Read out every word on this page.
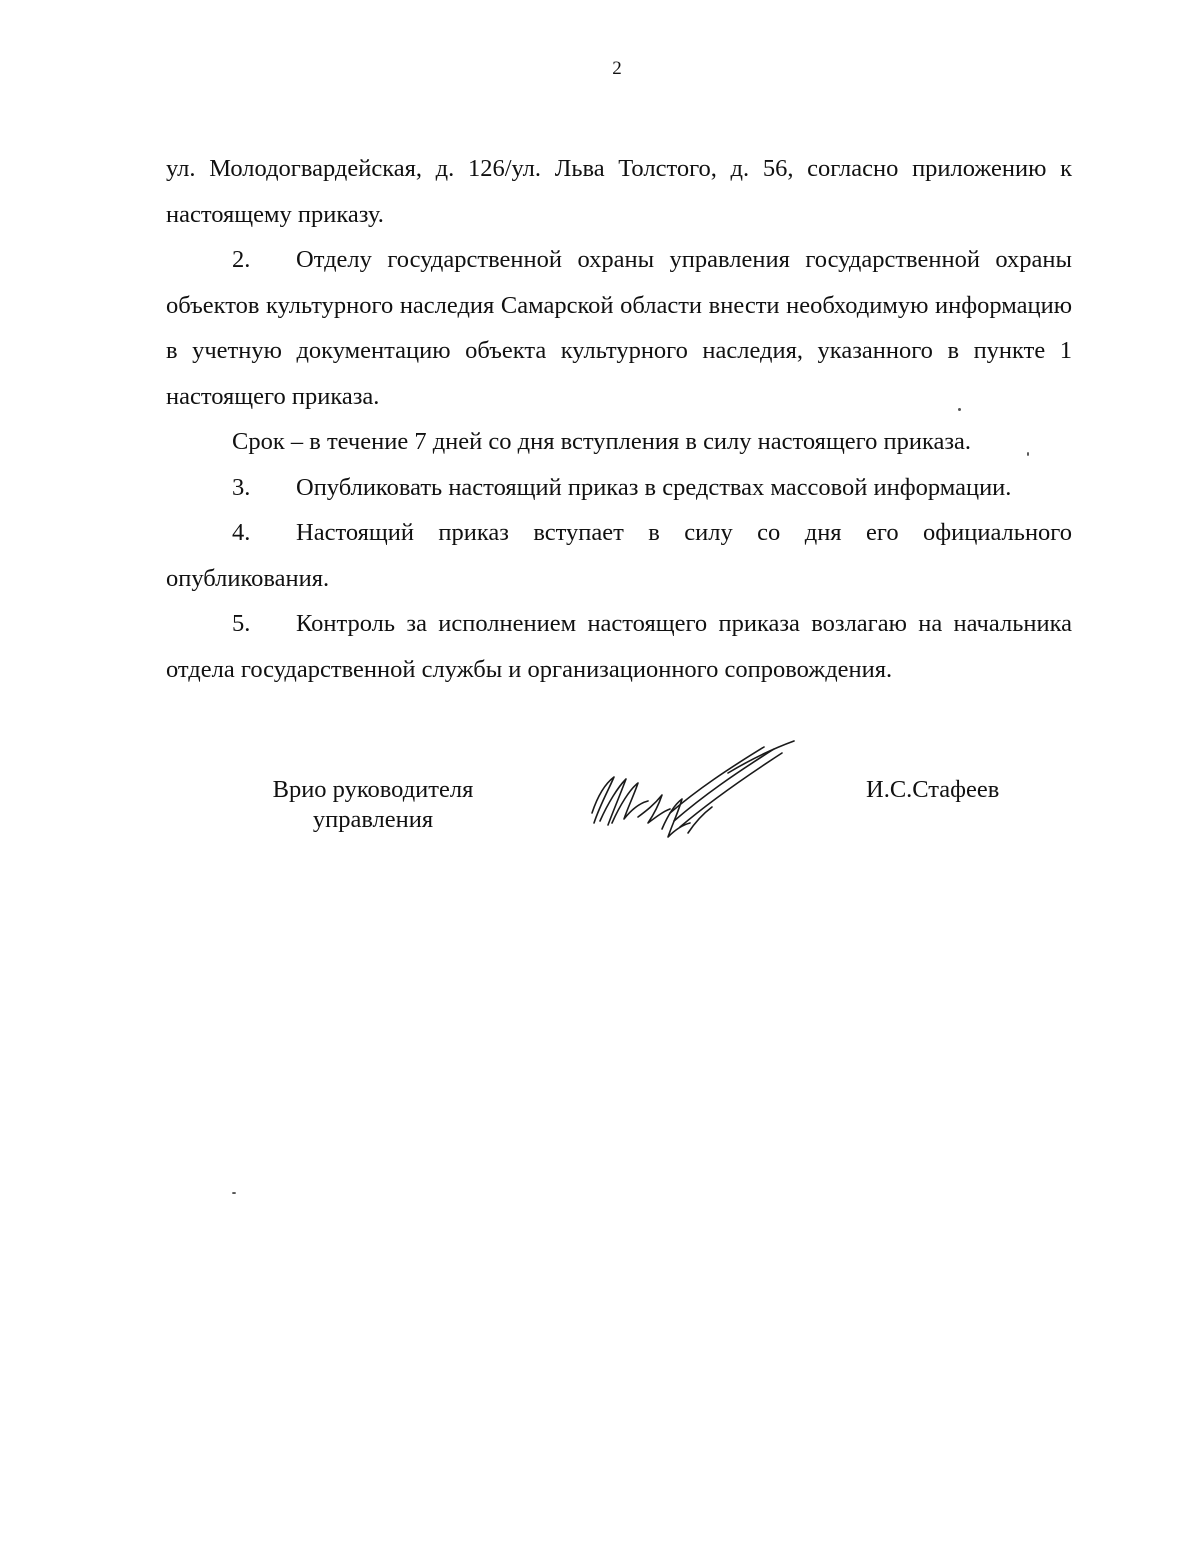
2

ул. Молодогвардейская, д. 126/ул. Льва Толстого, д. 56, согласно приложению к настоящему приказу.

2. Отделу государственной охраны управления государственной охраны объектов культурного наследия Самарской области внести необходимую информацию в учетную документацию объекта культурного наследия, указанного в пункте 1 настоящего приказа.

Срок – в течение 7 дней со дня вступления в силу настоящего приказа.

3. Опубликовать настоящий приказ в средствах массовой информации.

4. Настоящий приказ вступает в силу со дня его официального опубликования.

5. Контроль за исполнением настоящего приказа возлагаю на начальника отдела государственной службы и организационного сопровождения.

Врио руководителя
управления
И.С.Стафеев
